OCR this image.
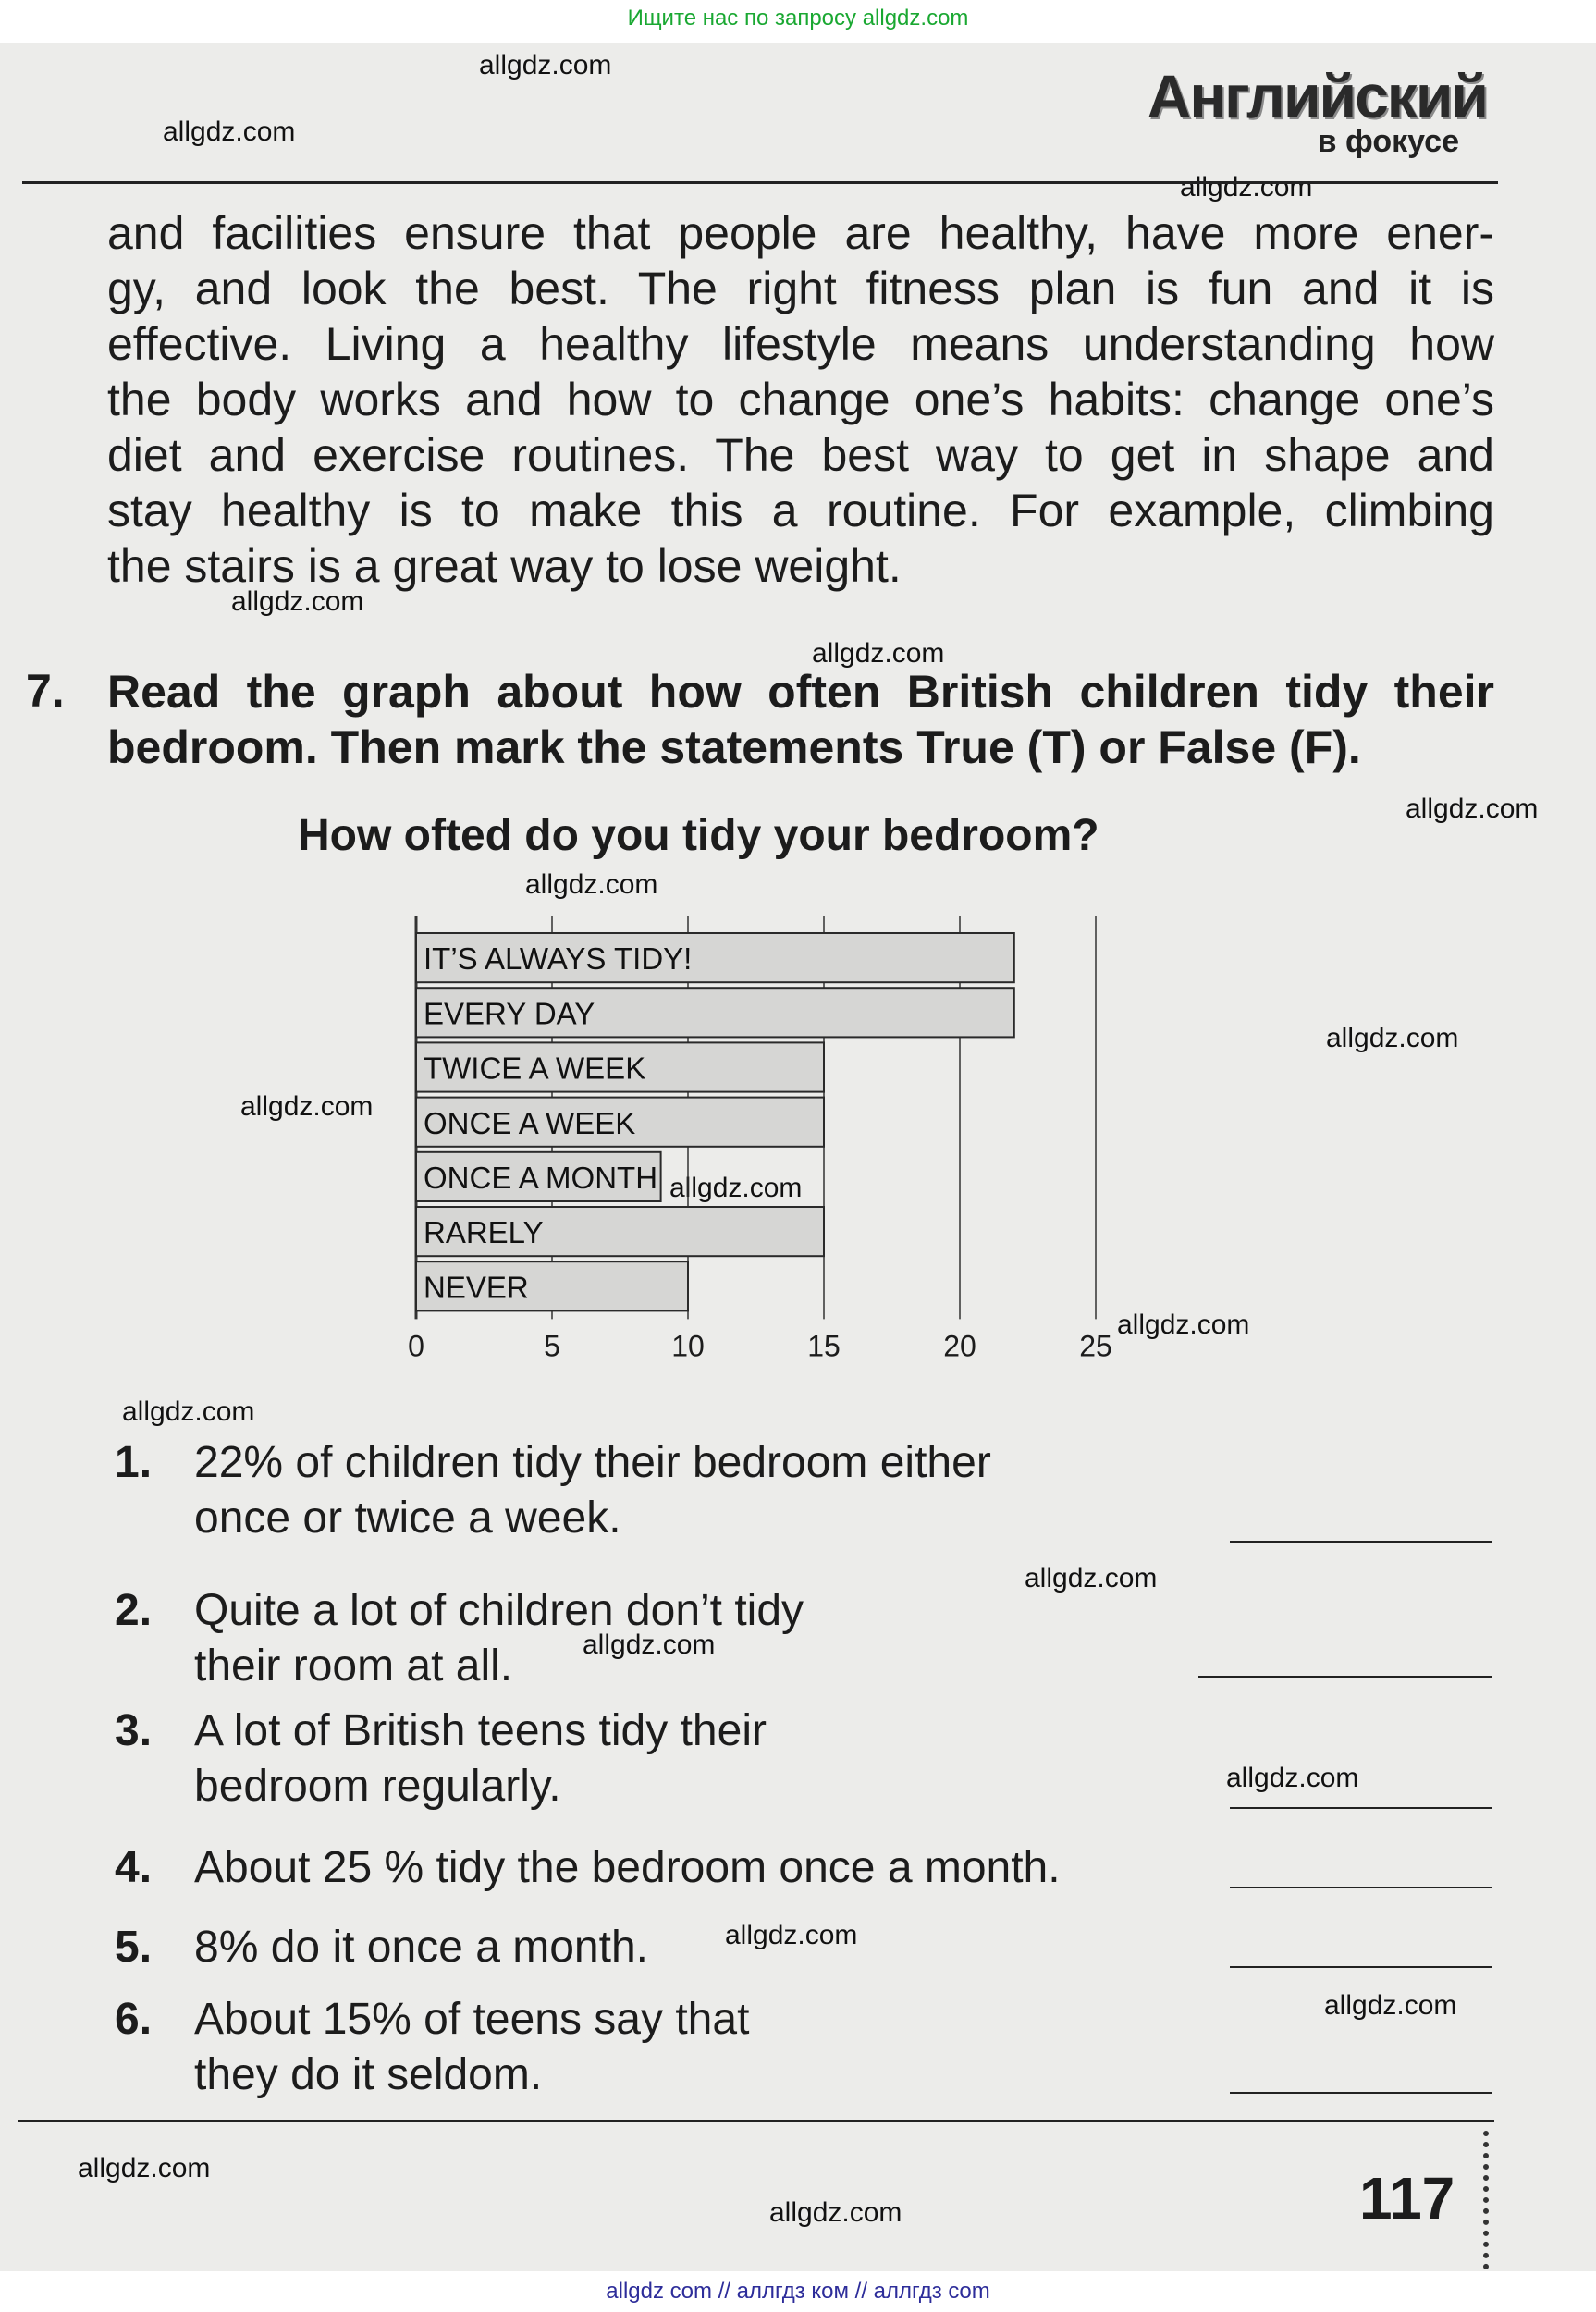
Ищите нас по запросу allgdz.com
allgdz.com
allgdz.com
allgdz.com
allgdz.com
allgdz.com
allgdz.com
allgdz.com
allgdz.com
allgdz.com
allgdz.com
allgdz.com
allgdz.com
allgdz.com
allgdz.com
allgdz.com
allgdz.com
allgdz.com
allgdz.com
allgdz.com
Английский
в фокусе

and facilities ensure that people are healthy, have more ener-
gy, and look the best. The right fitness plan is fun and it is
effective. Living a healthy lifestyle means understanding how
the body works and how to change one’s habits: change one’s
diet and exercise routines. The best way to get in shape and
stay healthy is to make this a routine. For example, climbing
the stairs is a great way to lose weight.

7. Read the graph about how often British children tidy their
bedroom. Then mark the statements True (T) or False (F).

How ofted do you tidy your bedroom?
0	5	10	15	20	25
IT’S ALWAYS TIDY!
EVERY DAY
TWICE A WEEK
ONCE A WEEK
ONCE A MONTH
RARELY
NEVER
1. 22% of children tidy their bedroom either
once or twice a week.
2. Quite a lot of children don’t tidy
their room at all.
3. A lot of British teens tidy their
bedroom regularly.
4. About 25 % tidy the bedroom once a month.
5. 8% do it once a month.
6. About 15% of teens say that
they do it seldom.
117
allgdz com // аллгдз ком // аллгдз com
